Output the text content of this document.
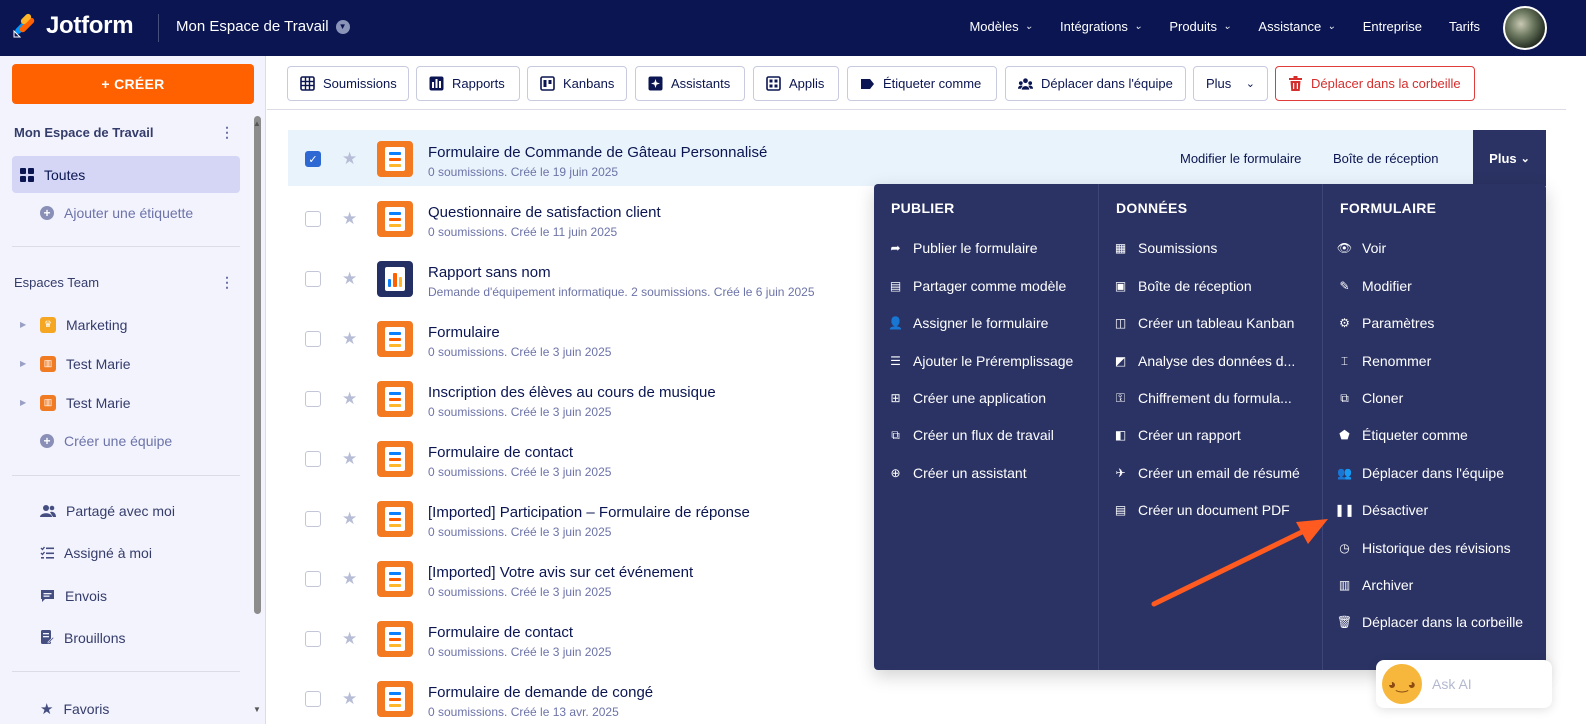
Jotform	Mon Espace de Travail	▼	Modèles ⌄ Intégrations ⌄ Produits ⌄ Assistance ⌄ Entreprise Tarifs
+ CRÉER
Mon Espace de Travail	⋮
Toutes
+ Ajouter une étiquette
Espaces Team	⋮
▶	♛ Marketing
▶	▥ Test Marie
▶	▥ Test Marie
+ Créer une équipe
Partagé avec moi
Assigné à moi
Envois
Brouillons
★ Favoris
▲
▼
Soumissions	Rapports	Kanbans	Assistants	Applis	Étiqueter comme	Déplacer dans l'équipe	Plus ⌄	Déplacer dans la corbeille
✓ ★	Formulaire de Commande de Gâteau Personnalisé
0 soumissions. Créé le 19 juin 2025
Modifier le formulaire Boîte de réception	Plus ⌄
★	Questionnaire de satisfaction client
0 soumissions. Créé le 11 juin 2025
★	Rapport sans nom
Demande d'équipement informatique. 2 soumissions. Créé le 6 juin 2025
★	Formulaire
0 soumissions. Créé le 3 juin 2025
★	Inscription des élèves au cours de musique
0 soumissions. Créé le 3 juin 2025
★	Formulaire de contact
0 soumissions. Créé le 3 juin 2025
★	[Imported] Participation – Formulaire de réponse
0 soumissions. Créé le 3 juin 2025
★	[Imported] Votre avis sur cet événement
0 soumissions. Créé le 3 juin 2025
★	Formulaire de contact
0 soumissions. Créé le 3 juin 2025
★	Formulaire de demande de congé
0 soumissions. Créé le 13 avr. 2025
PUBLIER
➦ Publier le formulaire
▤ Partager comme modèle
👤 Assigner le formulaire
☰ Ajouter le Préremplissage
⊞ Créer une application
⧉ Créer un flux de travail
⊕ Créer un assistant
DONNÉES
▦ Soumissions
▣ Boîte de réception
◫ Créer un tableau Kanban
◩ Analyse des données d...
⚿ Chiffrement du formula...
◧ Créer un rapport
✈ Créer un email de résumé
▤ Créer un document PDF
FORMULAIRE
👁 Voir
✎ Modifier
⚙ Paramètres
⌶ Renommer
⧉ Cloner
⬟ Étiqueter comme
👥 Déplacer dans l'équipe
❚❚ Désactiver
◷ Historique des révisions
▥ Archiver
🗑 Déplacer dans la corbeille
◕‿◕	Ask AI
